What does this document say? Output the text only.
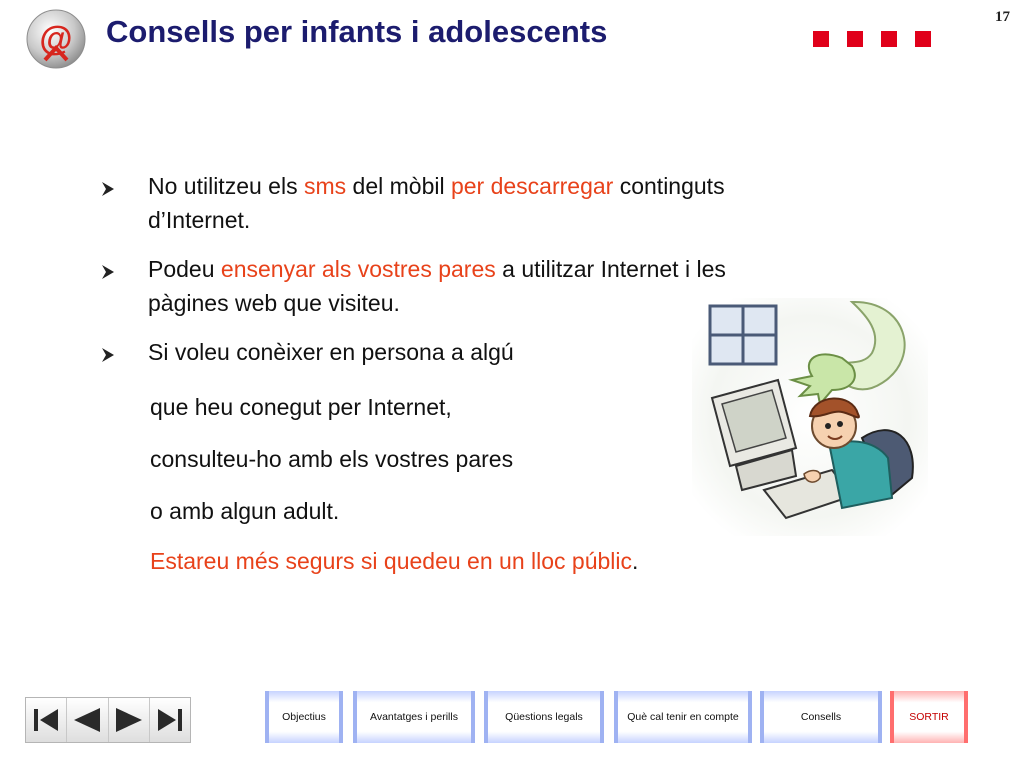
@ Consells per infants i adolescents	17
No utilitzeu els sms del mòbil per descarregar continguts
d’Internet.
Podeu ensenyar als vostres pares a utilitzar Internet i les
pàgines web que visiteu.
Si voleu conèixer en persona a algú
que heu conegut per Internet,
consulteu-ho amb els vostres pares
o amb algun adult.
Estareu més segurs si quedeu en un lloc públic.
Objectius	Avantatges i perills	Qüestions legals	Què cal tenir en compte	Consells	SORTIR
